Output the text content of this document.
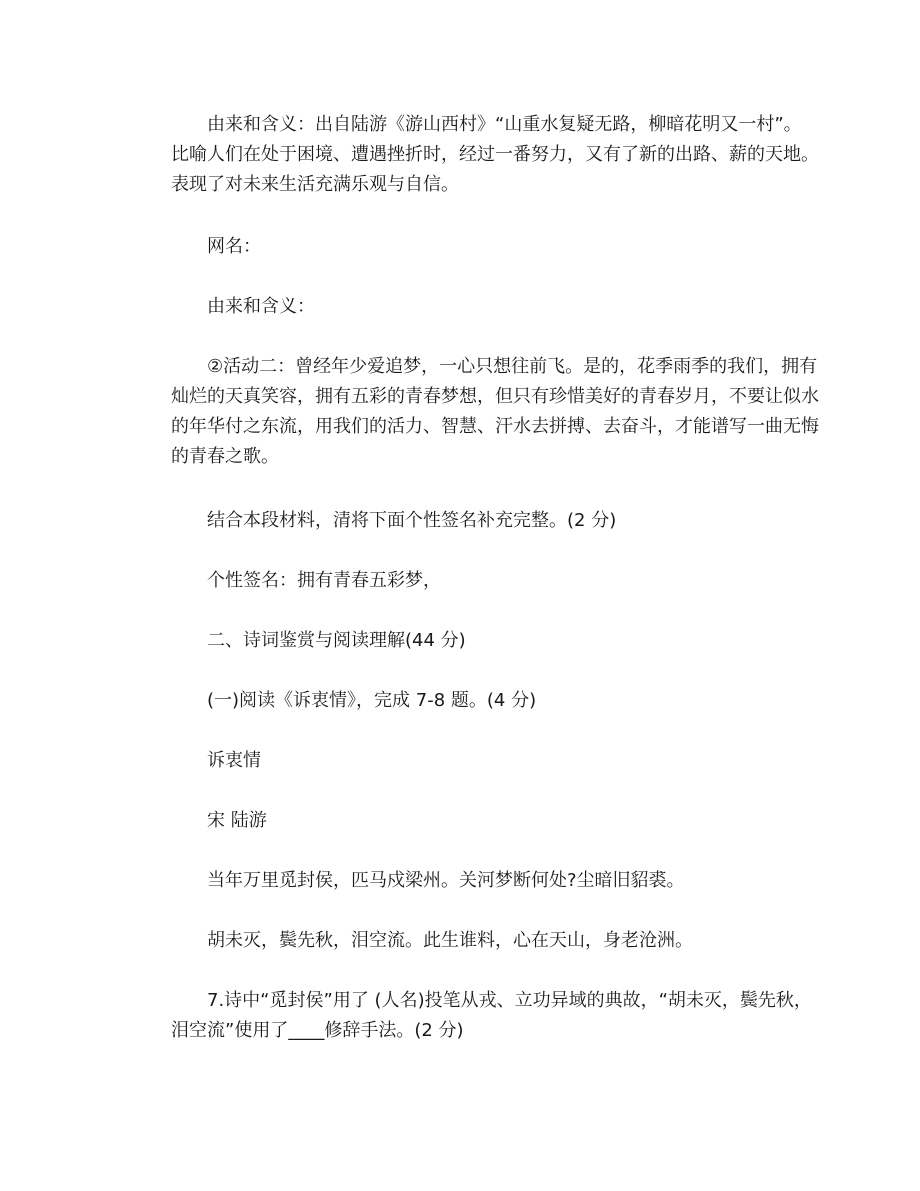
由来和含义：出自陆游《游山西村》“山重水复疑无路，柳暗花明又一村”。
比喻人们在处于困境、遭遇挫折时，经过一番努力，又有了新的出路、薪的天地。
表现了对未来生活充满乐观与自信。
网名：
由来和含义：
②活动二：曾经年少爱追梦，一心只想往前飞。是的，花季雨季的我们，拥有
灿烂的天真笑容，拥有五彩的青春梦想，但只有珍惜美好的青春岁月，不要让似水
的年华付之东流，用我们的活力、智慧、汗水去拼搏、去奋斗，才能谱写一曲无悔
的青春之歌。
结合本段材料，清将下面个性签名补充完整。(2 分)
个性签名：拥有青春五彩梦，
二、诗词鉴赏与阅读理解(44 分)
(一)阅读《诉衷情》，完成 7-8 题。(4 分)
诉衷情
宋 陆游
当年万里觅封侯，匹马戍梁州。关河梦断何处?尘暗旧貂裘。
胡未灭，鬓先秋，泪空流。此生谁料，心在天山，身老沧洲。
7.诗中“觅封侯”用了 (人名)投笔从戎、立功异域的典故，“胡未灭，鬓先秋，
泪空流”使用了____修辞手法。(2 分)
